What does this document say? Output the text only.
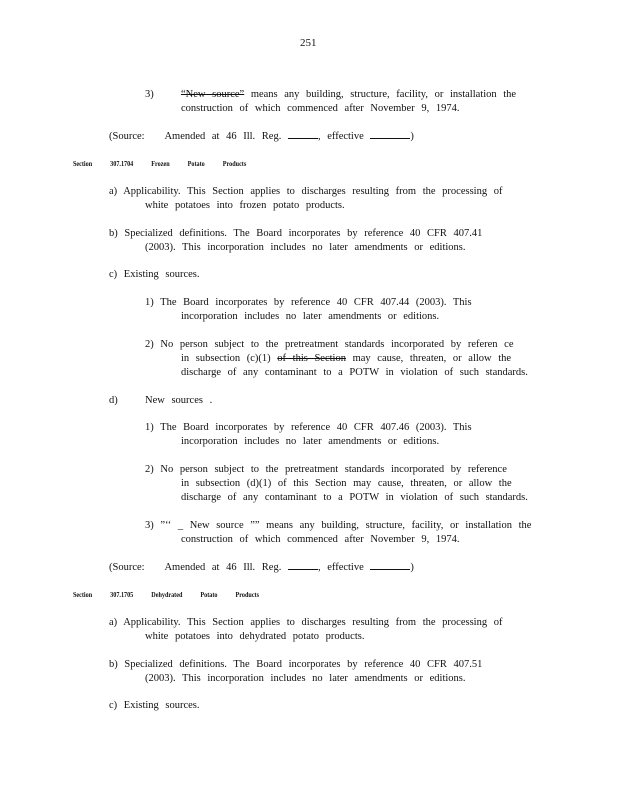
251
3)	“New source” means any building, structure, facility, or installation the
construction of which commenced after November 9, 1974.
(Source: Amended at 46 Ill. Reg.	, effective	)
Section 307.1704 Frozen Potato Products
a) Applicability. This Section applies to discharges resulting from the processing of
white potatoes into frozen potato products.
b) Specialized definitions. The Board incorporates by reference 40 CFR 407.41
(2003). This incorporation includes no later amendments or editions.
c) Existing sources.
1) The Board incorporates by reference 40 CFR 407.44 (2003). This
incorporation includes no later amendments or editions.
2) No person subject to the pretreatment standards incorporated by referen ce
in subsection (c)(1) of this Section may cause, threaten, or allow the
discharge of any contaminant to a POTW in violation of such standards.
d)	New sources .
1) The Board incorporates by reference 40 CFR 407.46 (2003). This
incorporation includes no later amendments or editions.
2) No person subject to the pretreatment standards incorporated by reference
in subsection (d)(1) of this Section may cause, threaten, or allow the
discharge of any contaminant to a POTW in violation of such standards.
3) ”‘‘ _ New source ”” means any building, structure, facility, or installation the
construction of which commenced after November 9, 1974.
(Source: Amended at 46 Ill. Reg.	, effective	)
Section 307.1705 Dehydrated Potato Products
a) Applicability. This Section applies to discharges resulting from the processing of
white potatoes into dehydrated potato products.
b) Specialized definitions. The Board incorporates by reference 40 CFR 407.51
(2003). This incorporation includes no later amendments or editions.
c) Existing sources.
